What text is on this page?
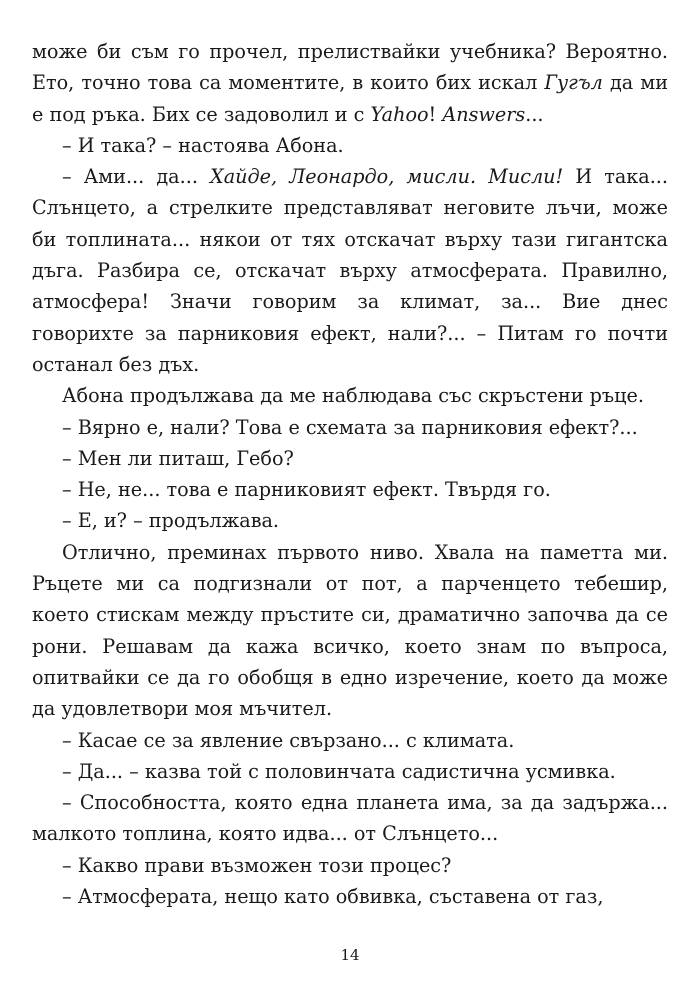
може би съм го прочел, прелиствайки учебника? Вероятно. Ето, точно това са моментите, в които бих искал Гугъл да ми е под ръка. Бих се задоволил и с Yahoo! Answers...

– И така? – настоява Абона.

– Ами... да... Хайде, Леонардо, мисли. Мисли! И така... Слънцето, а стрелките представляват неговите лъчи, може би топлината... някои от тях отскачат върху тази гигантска дъга. Разбира се, отскачат върху атмосферата. Правилно, атмосфера! Значи говорим за климат, за... Вие днес говорихте за парниковия ефект, нали?... – Питам го почти останал без дъх.

Абона продължава да ме наблюдава със скръстени ръце.

– Вярно е, нали? Това е схемата за парниковия ефект?...

– Мен ли питаш, Гебо?

– Не, не... това е парниковият ефект. Твърдя го.

– Е, и? – продължава.

Отлично, преминах първото ниво. Хвала на паметта ми. Ръцете ми са подгизнали от пот, а парченцето тебешир, което стискам между пръстите си, драматично започва да се рони. Решавам да кажа всичко, което знам по въпроса, опитвайки се да го обобщя в едно изречение, което да може да удовлетвори моя мъчител.

– Касае се за явление свързано... с климата.

– Да... – казва той с половинчата садистична усмивка.

– Способността, която една планета има, за да задържа... малкото топлина, която идва... от Слънцето...

– Какво прави възможен този процес?

– Атмосферата, нещо като обвивка, съставена от газ,

14
